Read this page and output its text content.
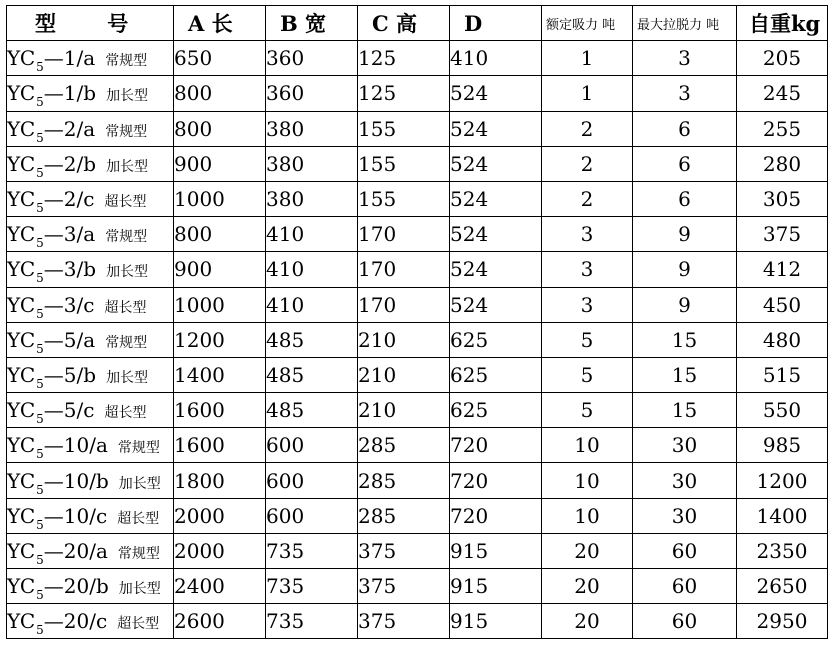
型 号	A 长	B 宽	C 高	D	额定吸力 吨	最大拉脱力 吨	自重kg
$YC_5—1/a$ 常规型	650	360	125	410	1	3	205
$YC_5—1/b$ 加长型	800	360	125	524	1	3	245
$YC_5—2/a$ 常规型	800	380	155	524	2	6	255
$YC_5—2/b$ 加长型	900	380	155	524	2	6	280
$YC_5—2/c$ 超长型	1000	380	155	524	2	6	305
$YC_5—3/a$ 常规型	800	410	170	524	3	9	375
$YC_5—3/b$ 加长型	900	410	170	524	3	9	412
$YC_5—3/c$ 超长型	1000	410	170	524	3	9	450
$YC_5—5/a$ 常规型	1200	485	210	625	5	15	480
$YC_5—5/b$ 加长型	1400	485	210	625	5	15	515
$YC_5—5/c$ 超长型	1600	485	210	625	5	15	550
$YC_5—10/a$ 常规型	1600	600	285	720	10	30	985
$YC_5—10/b$ 加长型	1800	600	285	720	10	30	1200
$YC_5—10/c$ 超长型	2000	600	285	720	10	30	1400
$YC_5—20/a$ 常规型	2000	735	375	915	20	60	2350
$YC_5—20/b$ 加长型	2400	735	375	915	20	60	2650
$YC_5—20/c$ 超长型	2600	735	375	915	20	60	2950
